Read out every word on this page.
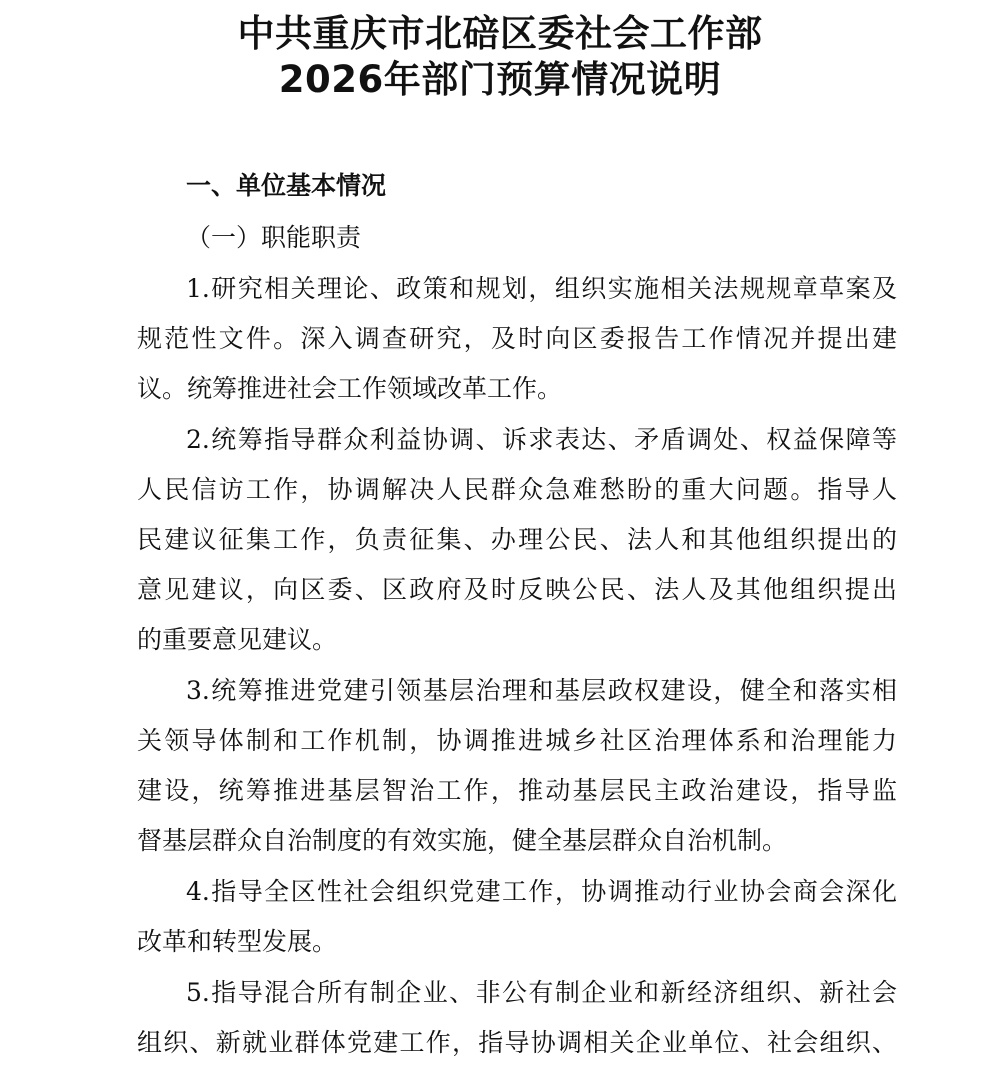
中共重庆市北碚区委社会工作部
2026年部门预算情况说明
一、单位基本情况
（一）职能职责
1.研究相关理论、政策和规划，组织实施相关法规规章草案及
规范性文件。深入调查研究，及时向区委报告工作情况并提出建
议。统筹推进社会工作领域改革工作。
2.统筹指导群众利益协调、诉求表达、矛盾调处、权益保障等
人民信访工作，协调解决人民群众急难愁盼的重大问题。指导人
民建议征集工作，负责征集、办理公民、法人和其他组织提出的
意见建议，向区委、区政府及时反映公民、法人及其他组织提出
的重要意见建议。
3.统筹推进党建引领基层治理和基层政权建设，健全和落实相
关领导体制和工作机制，协调推进城乡社区治理体系和治理能力
建设，统筹推进基层智治工作，推动基层民主政治建设，指导监
督基层群众自治制度的有效实施，健全基层群众自治机制。
4.指导全区性社会组织党建工作，协调推动行业协会商会深化
改革和转型发展。
5.指导混合所有制企业、非公有制企业和新经济组织、新社会
组织、新就业群体党建工作，指导协调相关企业单位、社会组织、
